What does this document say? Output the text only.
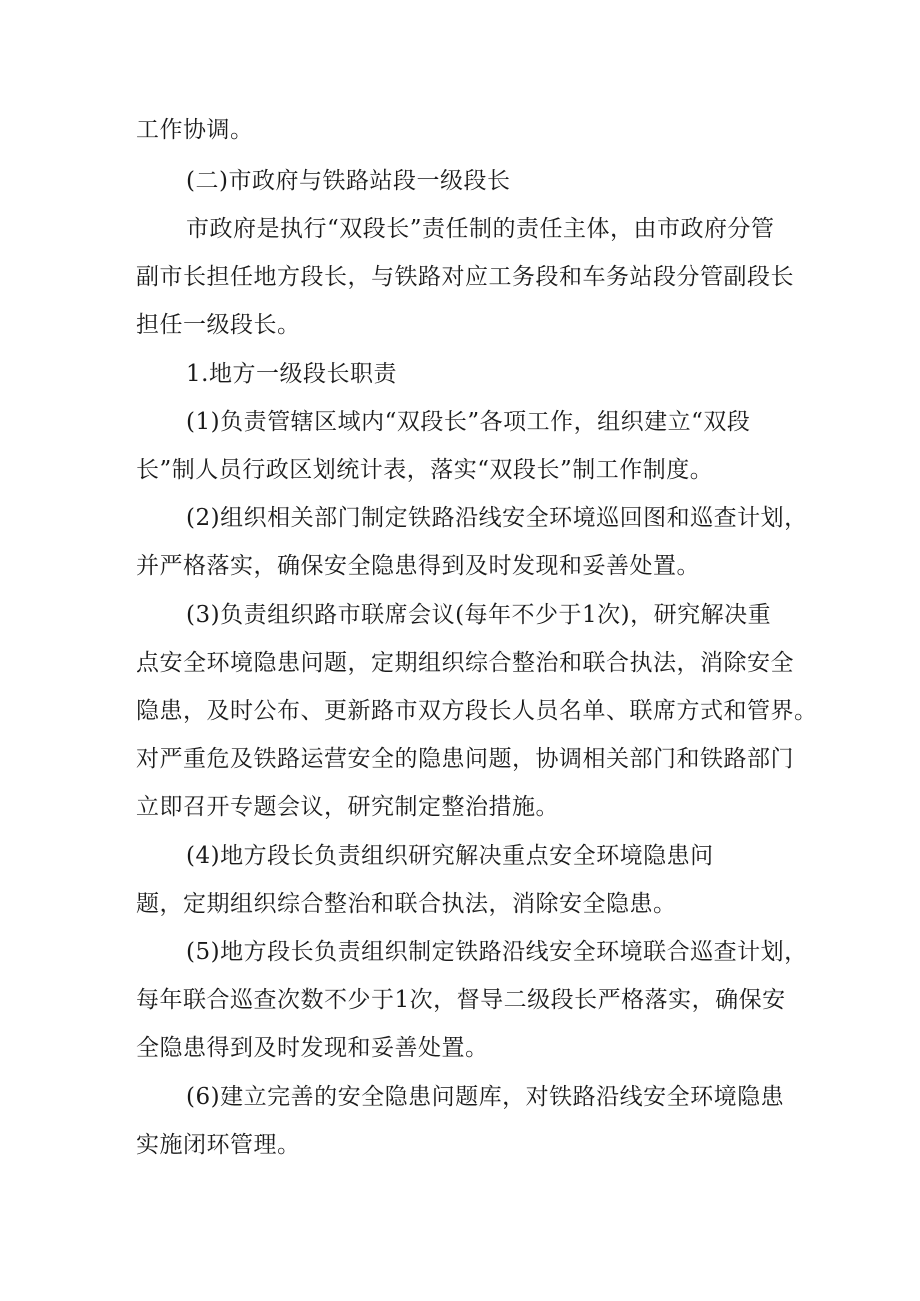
工作协调。
(二)市政府与铁路站段一级段长
市政府是执行“双段长”责任制的责任主体，由市政府分管
副市长担任地方段长，与铁路对应工务段和车务站段分管副段长
担任一级段长。
1.地方一级段长职责
(1)负责管辖区域内“双段长”各项工作，组织建立“双段
长”制人员行政区划统计表，落实“双段长”制工作制度。
(2)组织相关部门制定铁路沿线安全环境巡回图和巡查计划，
并严格落实，确保安全隐患得到及时发现和妥善处置。
(3)负责组织路市联席会议(每年不少于1次)，研究解决重
点安全环境隐患问题，定期组织综合整治和联合执法，消除安全
隐患，及时公布、更新路市双方段长人员名单、联席方式和管界。
对严重危及铁路运营安全的隐患问题，协调相关部门和铁路部门
立即召开专题会议，研究制定整治措施。
(4)地方段长负责组织研究解决重点安全环境隐患问
题，定期组织综合整治和联合执法，消除安全隐患。
(5)地方段长负责组织制定铁路沿线安全环境联合巡查计划，
每年联合巡查次数不少于1次，督导二级段长严格落实，确保安
全隐患得到及时发现和妥善处置。
(6)建立完善的安全隐患问题库，对铁路沿线安全环境隐患
实施闭环管理。
